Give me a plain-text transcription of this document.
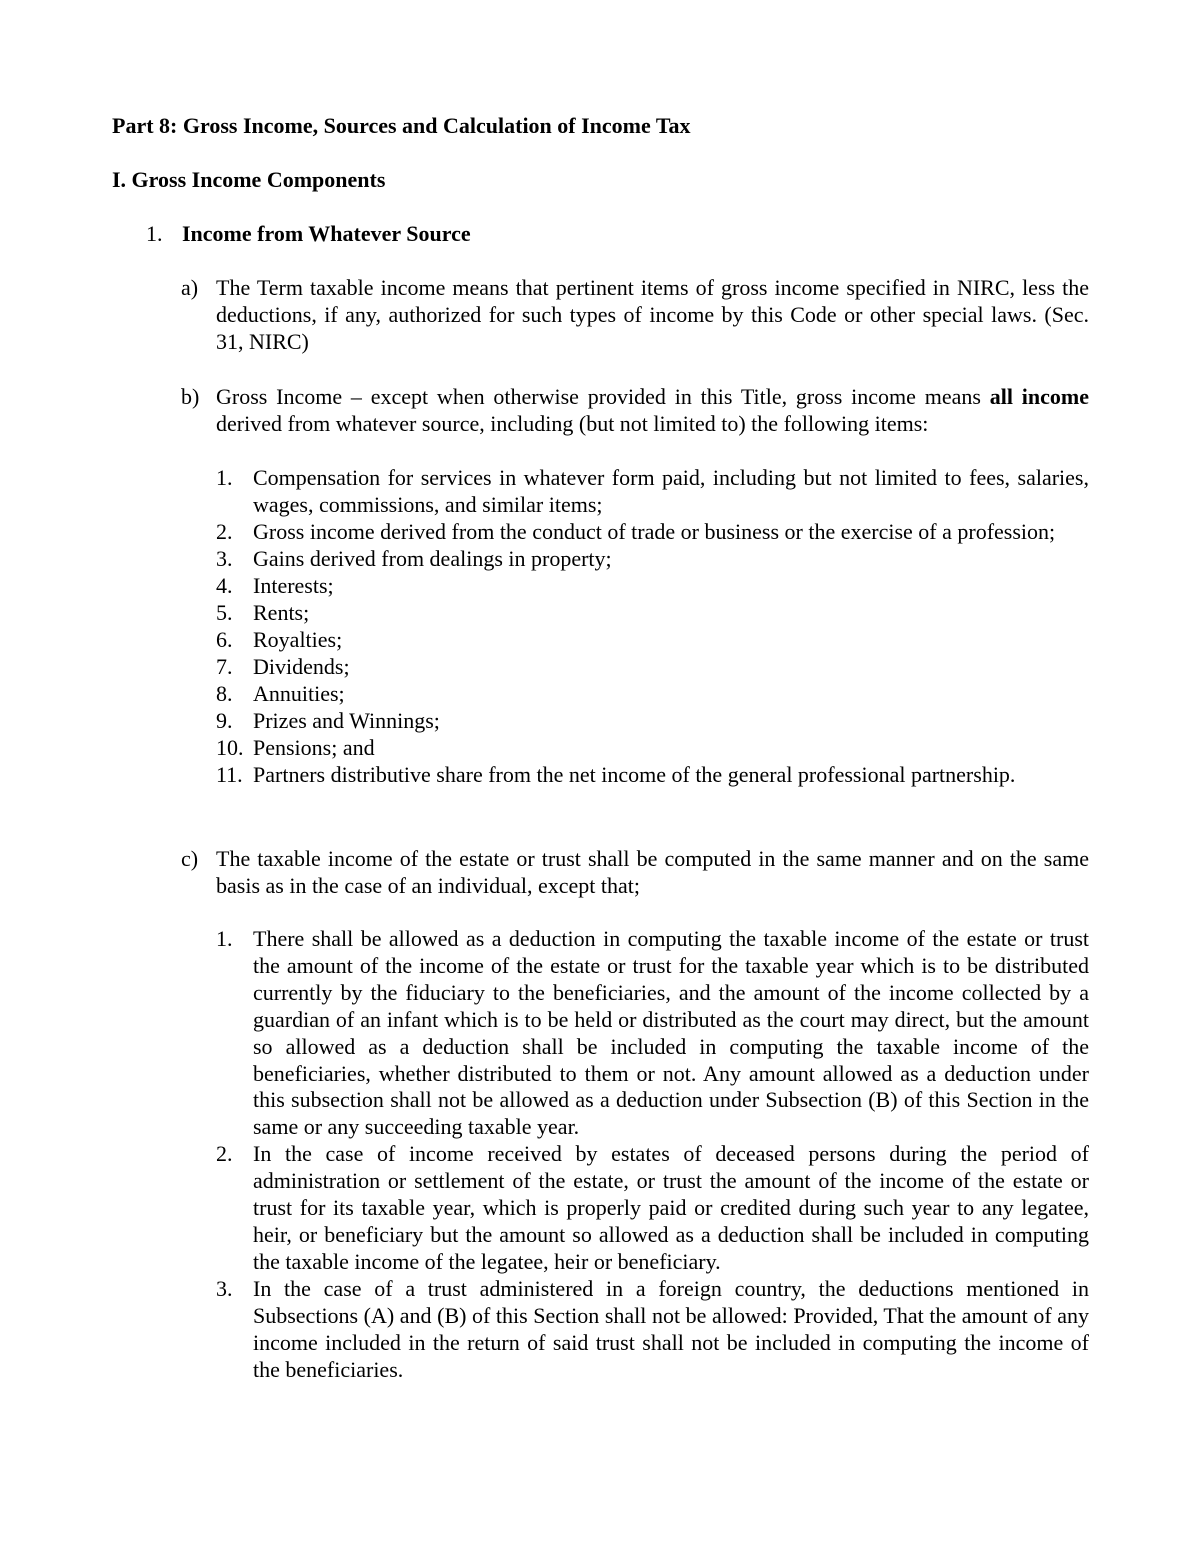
Part 8: Gross Income, Sources and Calculation of Income Tax
I. Gross Income Components
1. Income from Whatever Source
a) The Term taxable income means that pertinent items of gross income specified in NIRC, less the deductions, if any, authorized for such types of income by this Code or other special laws. (Sec. 31, NIRC)

b) Gross Income – except when otherwise provided in this Title, gross income means all income derived from whatever source, including (but not limited to) the following items:

1. Compensation for services in whatever form paid, including but not limited to fees, salaries, wages, commissions, and similar items;
2. Gross income derived from the conduct of trade or business or the exercise of a profession;
3. Gains derived from dealings in property;
4. Interests;
5. Rents;
6. Royalties;
7. Dividends;
8. Annuities;
9. Prizes and Winnings;
10. Pensions; and
11. Partners distributive share from the net income of the general professional partnership.
c) The taxable income of the estate or trust shall be computed in the same manner and on the same basis as in the case of an individual, except that;

1. There shall be allowed as a deduction in computing the taxable income of the estate or trust the amount of the income of the estate or trust for the taxable year which is to be distributed currently by the fiduciary to the beneficiaries, and the amount of the income collected by a guardian of an infant which is to be held or distributed as the court may direct, but the amount so allowed as a deduction shall be included in computing the taxable income of the beneficiaries, whether distributed to them or not. Any amount allowed as a deduction under this subsection shall not be allowed as a deduction under Subsection (B) of this Section in the same or any succeeding taxable year.
2. In the case of income received by estates of deceased persons during the period of administration or settlement of the estate, or trust the amount of the income of the estate or trust for its taxable year, which is properly paid or credited during such year to any legatee, heir, or beneficiary but the amount so allowed as a deduction shall be included in computing the taxable income of the legatee, heir or beneficiary.
3. In the case of a trust administered in a foreign country, the deductions mentioned in Subsections (A) and (B) of this Section shall not be allowed: Provided, That the amount of any income included in the return of said trust shall not be included in computing the income of the beneficiaries.
